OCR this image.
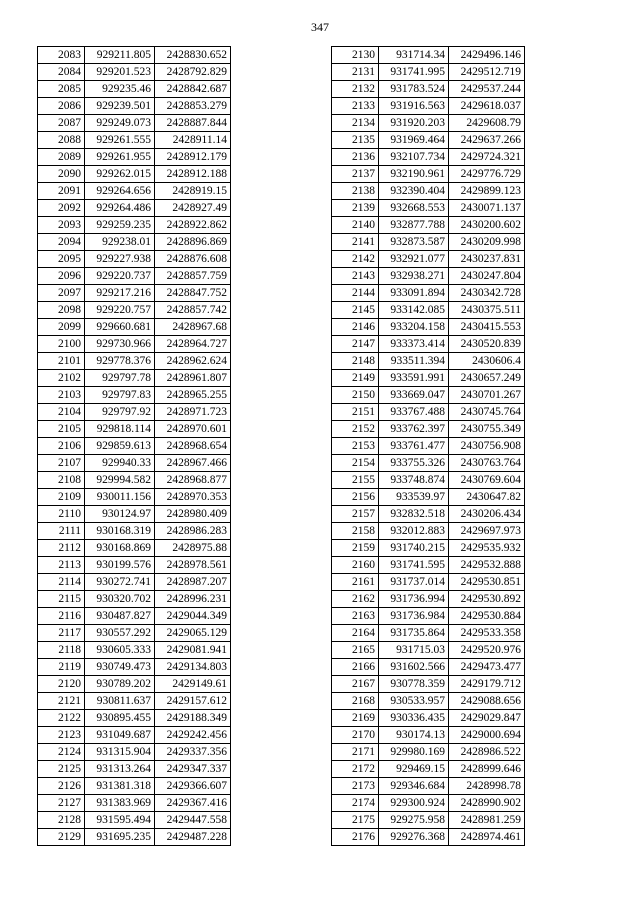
347
2083	929211.805	2428830.652
2084	929201.523	2428792.829
2085	929235.46	2428842.687
2086	929239.501	2428853.279
2087	929249.073	2428887.844
2088	929261.555	2428911.14
2089	929261.955	2428912.179
2090	929262.015	2428912.188
2091	929264.656	2428919.15
2092	929264.486	2428927.49
2093	929259.235	2428922.862
2094	929238.01	2428896.869
2095	929227.938	2428876.608
2096	929220.737	2428857.759
2097	929217.216	2428847.752
2098	929220.757	2428857.742
2099	929660.681	2428967.68
2100	929730.966	2428964.727
2101	929778.376	2428962.624
2102	929797.78	2428961.807
2103	929797.83	2428965.255
2104	929797.92	2428971.723
2105	929818.114	2428970.601
2106	929859.613	2428968.654
2107	929940.33	2428967.466
2108	929994.582	2428968.877
2109	930011.156	2428970.353
2110	930124.97	2428980.409
2111	930168.319	2428986.283
2112	930168.869	2428975.88
2113	930199.576	2428978.561
2114	930272.741	2428987.207
2115	930320.702	2428996.231
2116	930487.827	2429044.349
2117	930557.292	2429065.129
2118	930605.333	2429081.941
2119	930749.473	2429134.803
2120	930789.202	2429149.61
2121	930811.637	2429157.612
2122	930895.455	2429188.349
2123	931049.687	2429242.456
2124	931315.904	2429337.356
2125	931313.264	2429347.337
2126	931381.318	2429366.607
2127	931383.969	2429367.416
2128	931595.494	2429447.558
2129	931695.235	2429487.228
2130	931714.34	2429496.146
2131	931741.995	2429512.719
2132	931783.524	2429537.244
2133	931916.563	2429618.037
2134	931920.203	2429608.79
2135	931969.464	2429637.266
2136	932107.734	2429724.321
2137	932190.961	2429776.729
2138	932390.404	2429899.123
2139	932668.553	2430071.137
2140	932877.788	2430200.602
2141	932873.587	2430209.998
2142	932921.077	2430237.831
2143	932938.271	2430247.804
2144	933091.894	2430342.728
2145	933142.085	2430375.511
2146	933204.158	2430415.553
2147	933373.414	2430520.839
2148	933511.394	2430606.4
2149	933591.991	2430657.249
2150	933669.047	2430701.267
2151	933767.488	2430745.764
2152	933762.397	2430755.349
2153	933761.477	2430756.908
2154	933755.326	2430763.764
2155	933748.874	2430769.604
2156	933539.97	2430647.82
2157	932832.518	2430206.434
2158	932012.883	2429697.973
2159	931740.215	2429535.932
2160	931741.595	2429532.888
2161	931737.014	2429530.851
2162	931736.994	2429530.892
2163	931736.984	2429530.884
2164	931735.864	2429533.358
2165	931715.03	2429520.976
2166	931602.566	2429473.477
2167	930778.359	2429179.712
2168	930533.957	2429088.656
2169	930336.435	2429029.847
2170	930174.13	2429000.694
2171	929980.169	2428986.522
2172	929469.15	2428999.646
2173	929346.684	2428998.78
2174	929300.924	2428990.902
2175	929275.958	2428981.259
2176	929276.368	2428974.461
